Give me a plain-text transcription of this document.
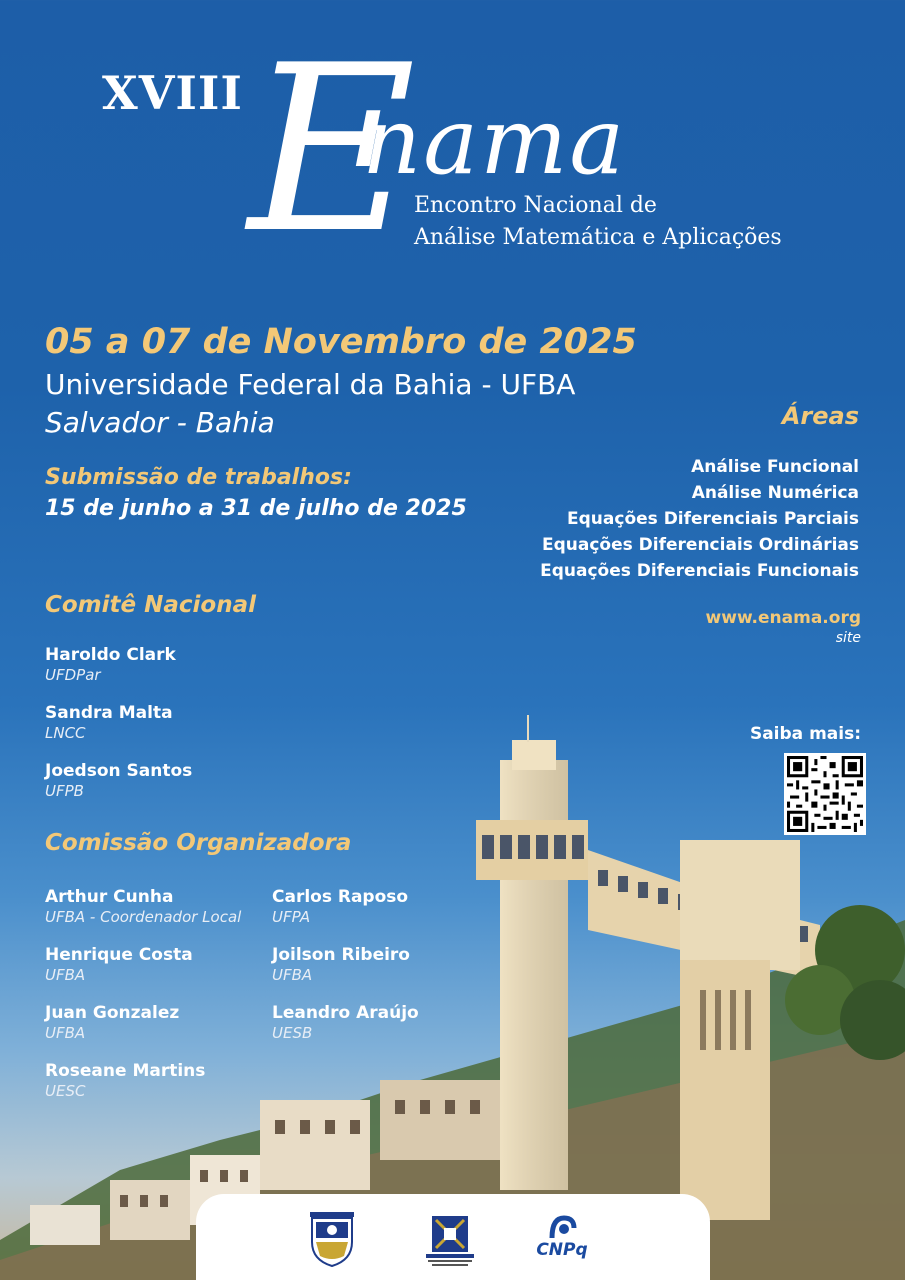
XVIII E
nama
Encontro Nacional de
Análise Matemática e Aplicações
05 a 07 de Novembro de 2025
Universidade Federal da Bahia - UFBA
Salvador - Bahia
Submissão de trabalhos:
15 de junho a 31 de julho de 2025
Áreas
Análise Funcional
Análise Numérica
Equações Diferenciais Parciais
Equações Diferenciais Ordinárias
Equações Diferenciais Funcionais
www.enama.org
site
Saiba mais:
Comitê Nacional
Haroldo Clark
UFDPar
Sandra Malta
LNCC
Joedson Santos
UFPB
Comissão Organizadora
Arthur Cunha
UFBA - Coordenador Local
Henrique Costa
UFBA
Juan Gonzalez
UFBA
Roseane Martins
UESC
Carlos Raposo
UFPA
Joilson Ribeiro
UFBA
Leandro Araújo
UESB
CNPq
